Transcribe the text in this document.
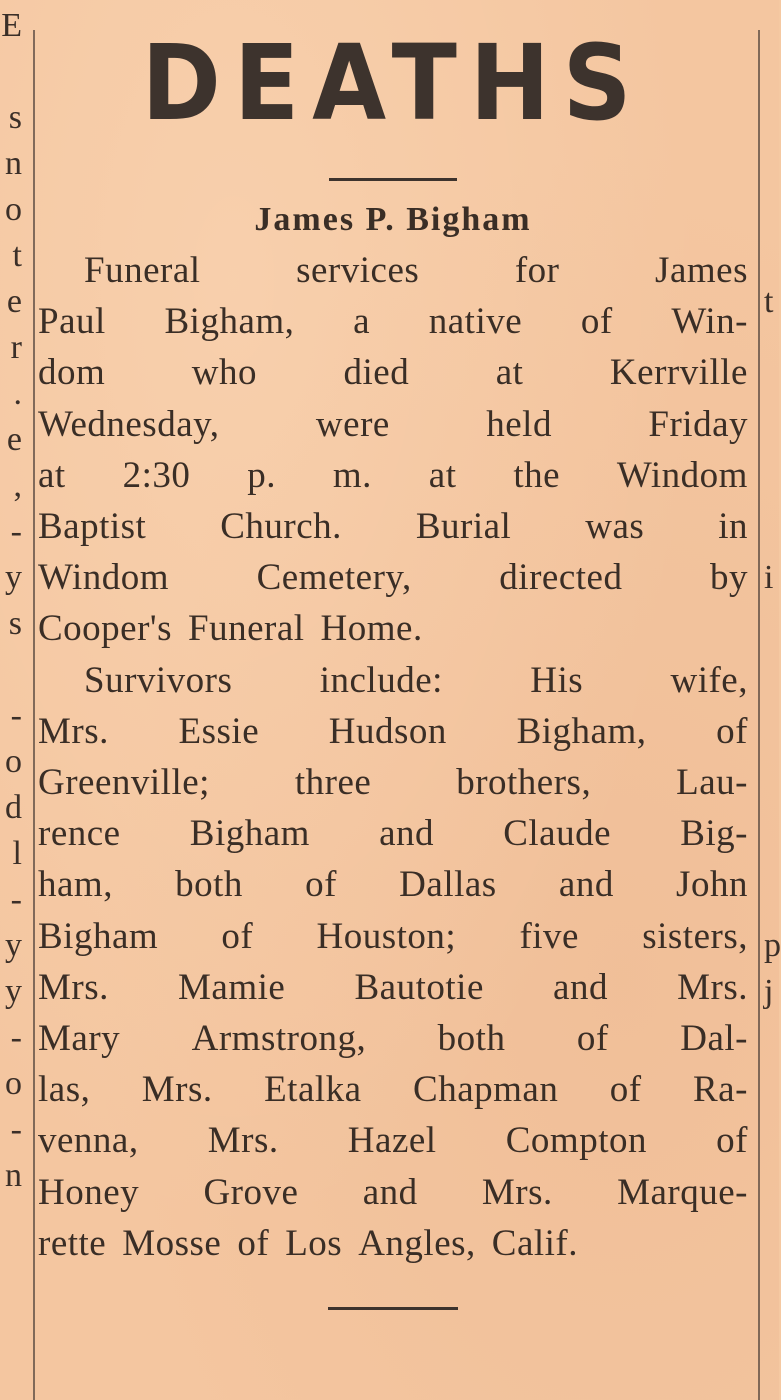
E
s
n
o
t
e
r
.
e
,
-
y
s
-
o
d
l
-
y
y
-
o
-
n
DEATHS
James P. Bigham
Funeral	services	for	James
Paul Bigham, a native of Win-
dom who died at Kerrville
Wednesday,	were	held	Friday
at 2:30 p. m. at the Windom
Baptist Church. Burial was in
Windom Cemetery, directed by
Cooper's Funeral Home.
Survivors include: His wife,
Mrs. Essie Hudson Bigham, of
Greenville; three brothers, Lau-
rence Bigham and Claude Big-
ham, both of Dallas and John
Bigham of Houston; five sisters,
Mrs. Mamie Bautotie and Mrs.
Mary Armstrong, both of Dal-
las, Mrs. Etalka Chapman of Ra-
venna, Mrs. Hazel Compton of
Honey Grove and Mrs. Marque-
rette Mosse of Los Angles, Calif.
t
i
p
j
